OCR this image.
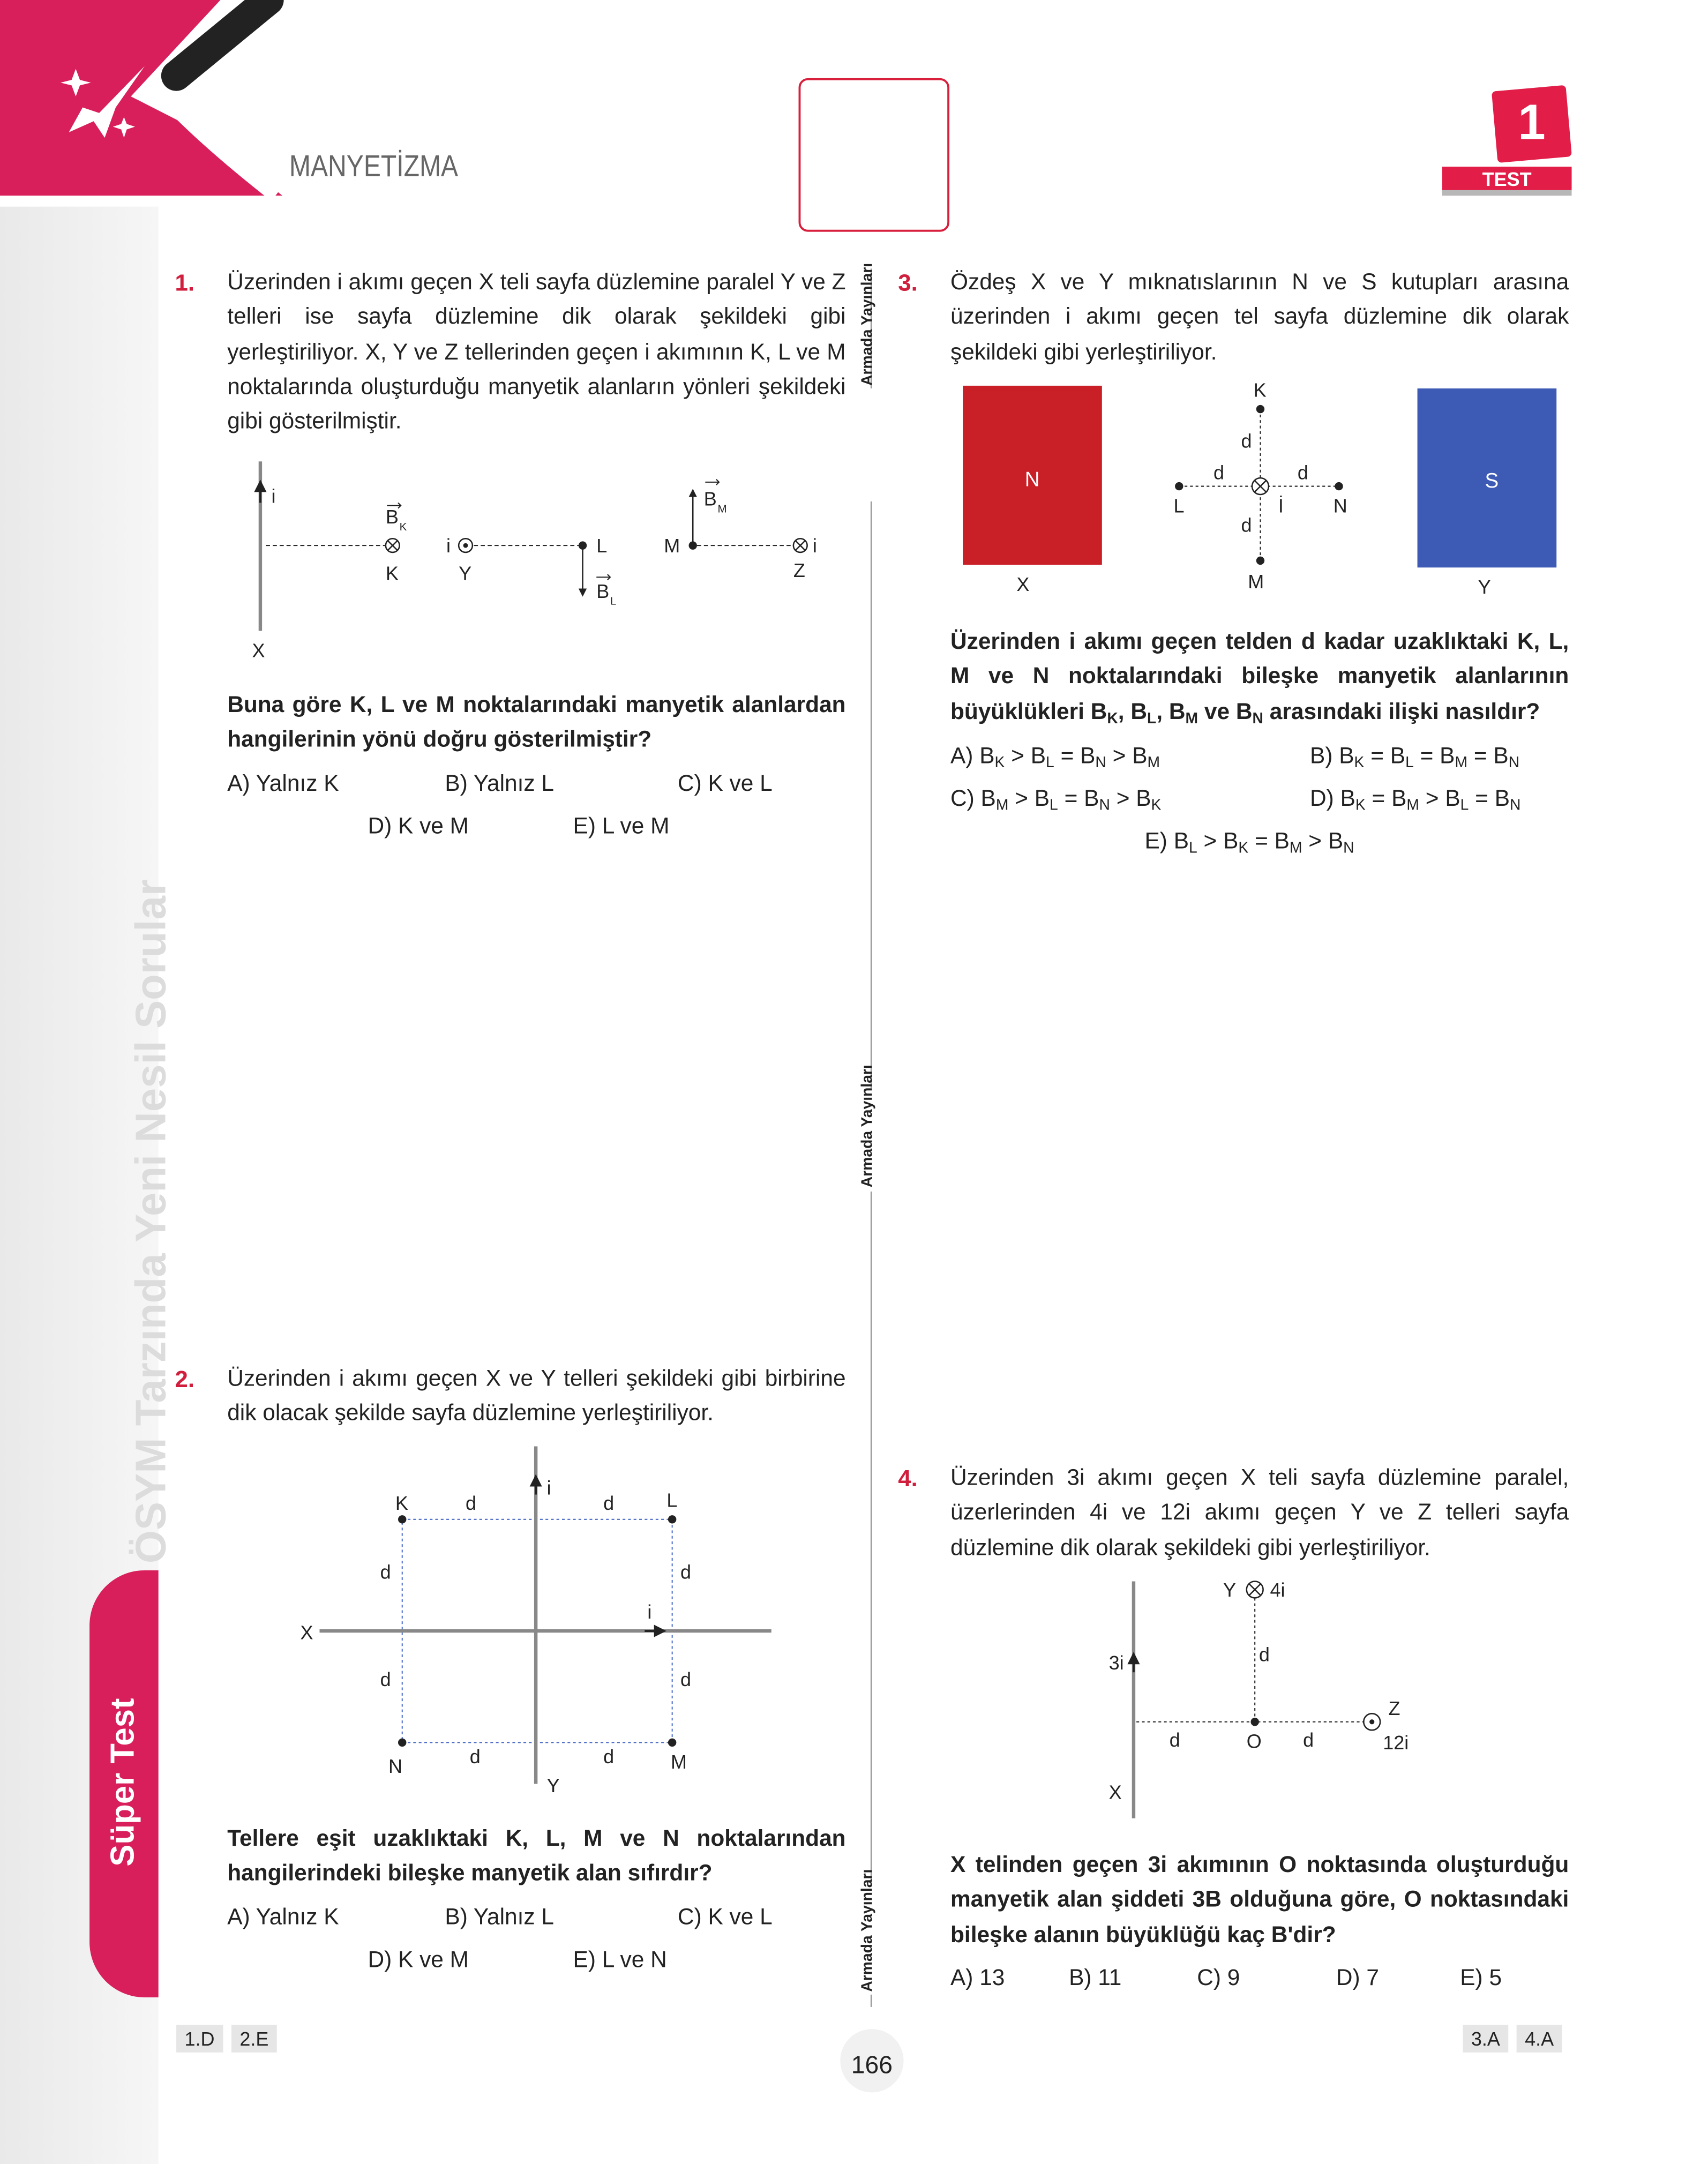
MANYETİZMA
1
TEST
ÖSYM Tarzında Yeni Nesil Sorular
Süper Test
Armada Yayınları
Armada Yayınları
Armada Yayınları
1.	Üzerinden i akımı geçen X teli sayfa düzlemine paralel Y ve Z telleri ise sayfa düzlemine dik olarak şekildeki gibi yerleştiriliyor. X, Y ve Z tellerinden geçen i akımının K, L ve M noktalarında oluşturduğu manyetik alanların yönleri şekildeki gibi gösterilmiştir.
Buna göre K, L ve M noktalarındaki manyetik alanlardan hangilerinin yönü doğru gösterilmiştir?
A) Yalnız K	B) Yalnız L	C) K ve L
D) K ve M	E) L ve M
2.	Üzerinden i akımı geçen X ve Y telleri şekildeki gibi birbirine dik olacak şekilde sayfa düzlemine yerleştiriliyor.
Tellere eşit uzaklıktaki K, L, M ve N noktalarından hangilerindeki bileşke manyetik alan sıfırdır?
A) Yalnız K	B) Yalnız L	C) K ve L
D) K ve M	E) L ve N
3.	Özdeş X ve Y mıknatıslarının N ve S kutupları arasına üzerinden i akımı geçen tel sayfa düzlemine dik olarak şekildeki gibi yerleştiriliyor.
Üzerinden i akımı geçen telden d kadar uzaklıktaki K, L, M ve N noktalarındaki bileşke manyetik alanlarının büyüklükleri $B_K$, $B_L$, $B_M$ ve $B_N$ arasındaki ilişki nasıldır?
A) $B_K > B_L = B_N > B_M$	B) $B_K = B_L = B_M = B_N$
C) $B_M > B_L = B_N > B_K$	D) $B_K = B_M > B_L = B_N$
E) $B_L > B_K = B_M > B_N$
4.	Üzerinden 3i akımı geçen X teli sayfa düzlemine paralel, üzerlerinden 4i ve 12i akımı geçen Y ve Z telleri sayfa düzlemine dik olarak şekildeki gibi yerleştiriliyor.
X telinden geçen 3i akımının O noktasında oluşturduğu manyetik alan şiddeti 3B olduğuna göre, O noktasındaki bileşke alanın büyüklüğü kaç B'dir?
A) 13	B) 11	C) 9	D) 7	E) 5
i
X
B K
K
i
Y
L
B L
M
B M
i
Z
N	S
X	Y
K
M
L	N
İ
d
d	d
d
K	L
N	M
X
Y
i
i
d	d
d	d
d	d
d	d
3i
X
Y	4i
d
d	d
O
Z
12i
1.D	2.E	3.A	4.A
166
